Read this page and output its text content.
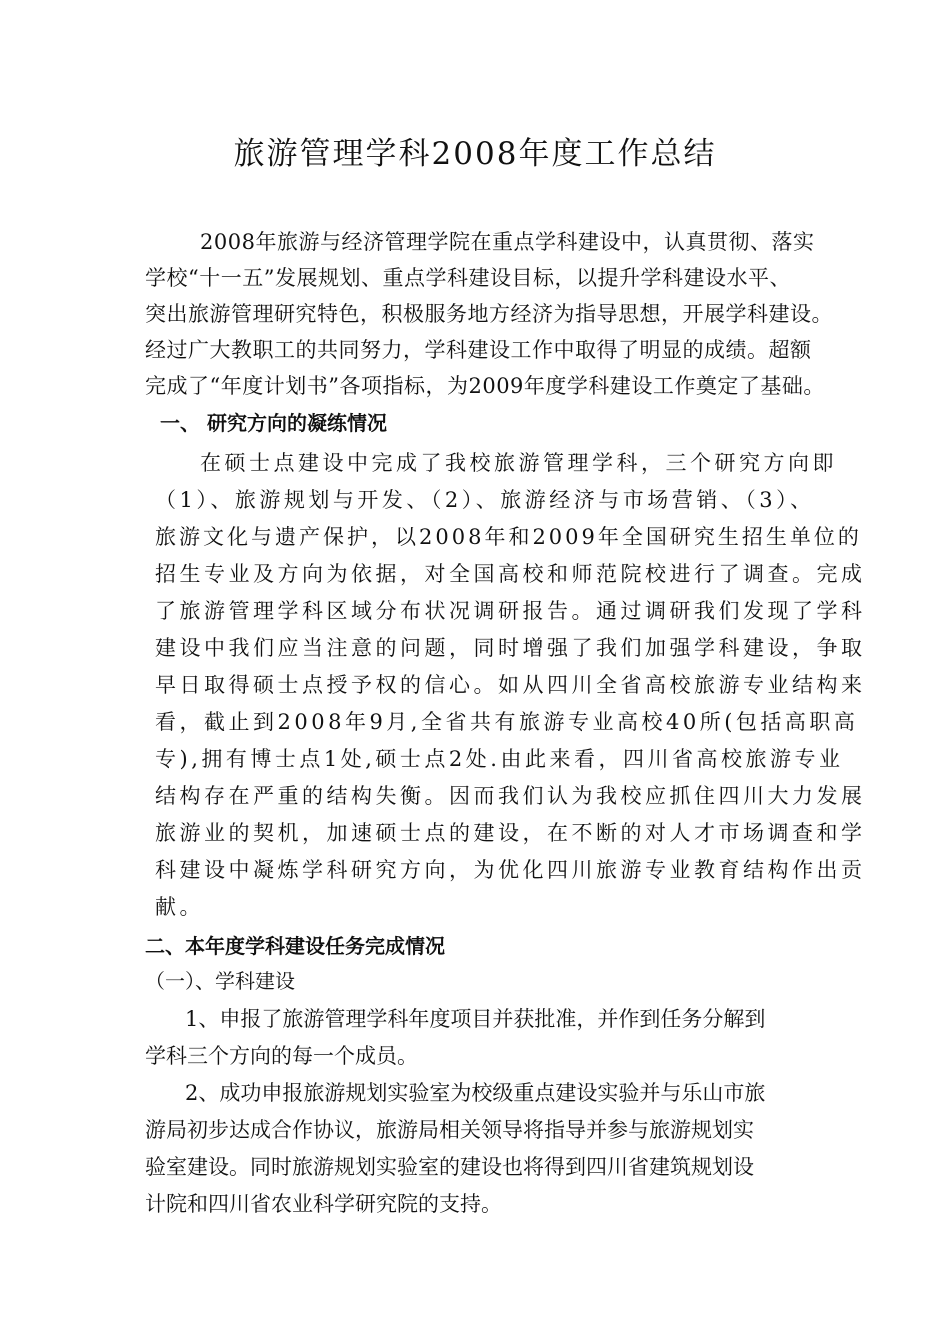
旅游管理学科2008年度工作总结
2008年旅游与经济管理学院在重点学科建设中，认真贯彻、落实
学校“十一五”发展规划、重点学科建设目标，以提升学科建设水平、
突出旅游管理研究特色，积极服务地方经济为指导思想，开展学科建设。
经过广大教职工的共同努力，学科建设工作中取得了明显的成绩。超额
完成了“年度计划书”各项指标，为2009年度学科建设工作奠定了基础。
一、 研究方向的凝练情况
在硕士点建设中完成了我校旅游管理学科，三个研究方向即
（1）、旅游规划与开发、（2）、旅游经济与市场营销、（3）、
旅游文化与遗产保护，以2008年和2009年全国研究生招生单位的
招生专业及方向为依据，对全国高校和师范院校进行了调查。完成
了旅游管理学科区域分布状况调研报告。通过调研我们发现了学科
建设中我们应当注意的问题，同时增强了我们加强学科建设，争取
早日取得硕士点授予权的信心。如从四川全省高校旅游专业结构来
看，截止到2008年9月,全省共有旅游专业高校40所(包括高职高
专),拥有博士点1处,硕士点2处.由此来看，四川省高校旅游专业
结构存在严重的结构失衡。因而我们认为我校应抓住四川大力发展
旅游业的契机，加速硕士点的建设，在不断的对人才市场调查和学
科建设中凝炼学科研究方向，为优化四川旅游专业教育结构作出贡
献。
二、本年度学科建设任务完成情况
（一）、学科建设
1、申报了旅游管理学科年度项目并获批准，并作到任务分解到
学科三个方向的每一个成员。
2、成功申报旅游规划实验室为校级重点建设实验并与乐山市旅
游局初步达成合作协议，旅游局相关领导将指导并参与旅游规划实
验室建设。同时旅游规划实验室的建设也将得到四川省建筑规划设
计院和四川省农业科学研究院的支持。
